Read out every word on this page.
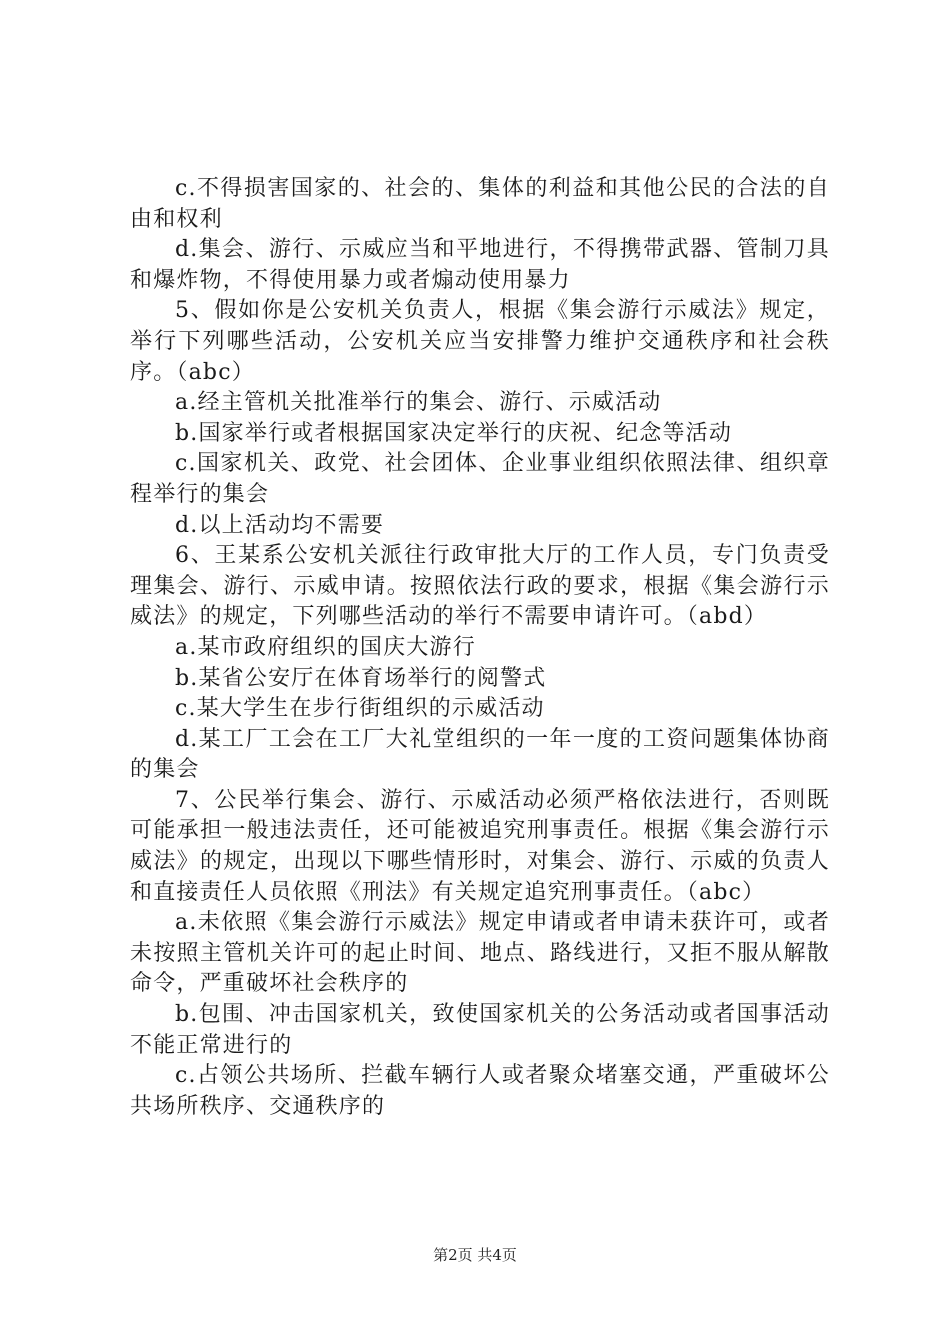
c.不得损害国家的、社会的、集体的利益和其他公民的合法的自由和权利

d.集会、游行、示威应当和平地进行，不得携带武器、管制刀具和爆炸物，不得使用暴力或者煽动使用暴力

5、假如你是公安机关负责人，根据《集会游行示威法》规定，举行下列哪些活动，公安机关应当安排警力维护交通秩序和社会秩序。（abc）

a.经主管机关批准举行的集会、游行、示威活动

b.国家举行或者根据国家决定举行的庆祝、纪念等活动

c.国家机关、政党、社会团体、企业事业组织依照法律、组织章程举行的集会

d.以上活动均不需要

6、王某系公安机关派往行政审批大厅的工作人员，专门负责受理集会、游行、示威申请。按照依法行政的要求，根据《集会游行示威法》的规定，下列哪些活动的举行不需要申请许可。（abd）

a.某市政府组织的国庆大游行

b.某省公安厅在体育场举行的阅警式

c.某大学生在步行街组织的示威活动

d.某工厂工会在工厂大礼堂组织的一年一度的工资问题集体协商的集会

7、公民举行集会、游行、示威活动必须严格依法进行，否则既可能承担一般违法责任，还可能被追究刑事责任。根据《集会游行示威法》的规定，出现以下哪些情形时，对集会、游行、示威的负责人和直接责任人员依照《刑法》有关规定追究刑事责任。（abc）

a.未依照《集会游行示威法》规定申请或者申请未获许可，或者未按照主管机关许可的起止时间、地点、路线进行，又拒不服从解散命令，严重破坏社会秩序的

b.包围、冲击国家机关，致使国家机关的公务活动或者国事活动不能正常进行的

c.占领公共场所、拦截车辆行人或者聚众堵塞交通，严重破坏公共场所秩序、交通秩序的

第2页 共4页
